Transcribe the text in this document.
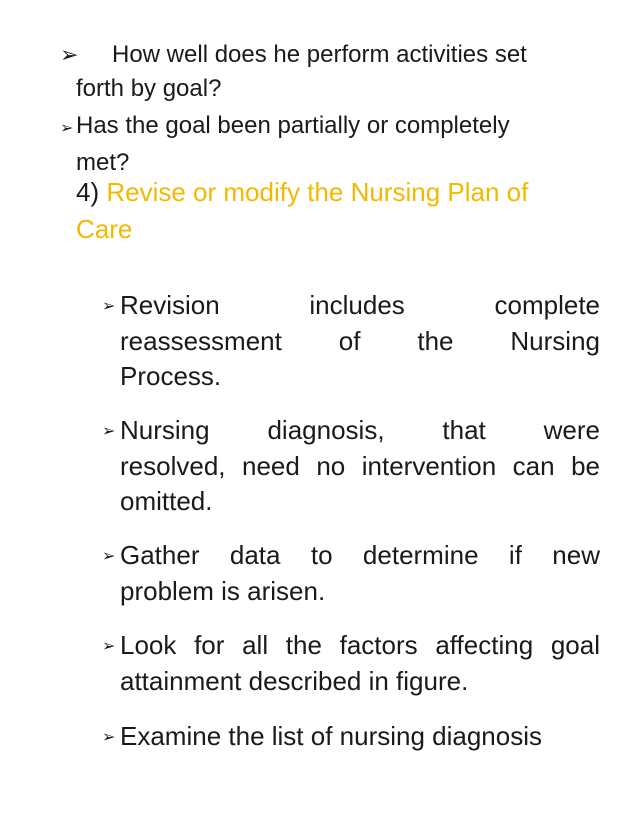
➢ How well does he perform activities set
forth by goal?
➢ Has the goal been partially or completely
met?
4) Revise or modify the Nursing Plan of
Care
➢ Revision includes complete
reassessment of the Nursing
Process.
➢ Nursing diagnosis, that were
resolved, need no intervention can be
omitted.
➢ Gather data to determine if new
problem is arisen.
➢ Look for all the factors affecting goal
attainment described in figure.
➢ Examine the list of nursing diagnosis
